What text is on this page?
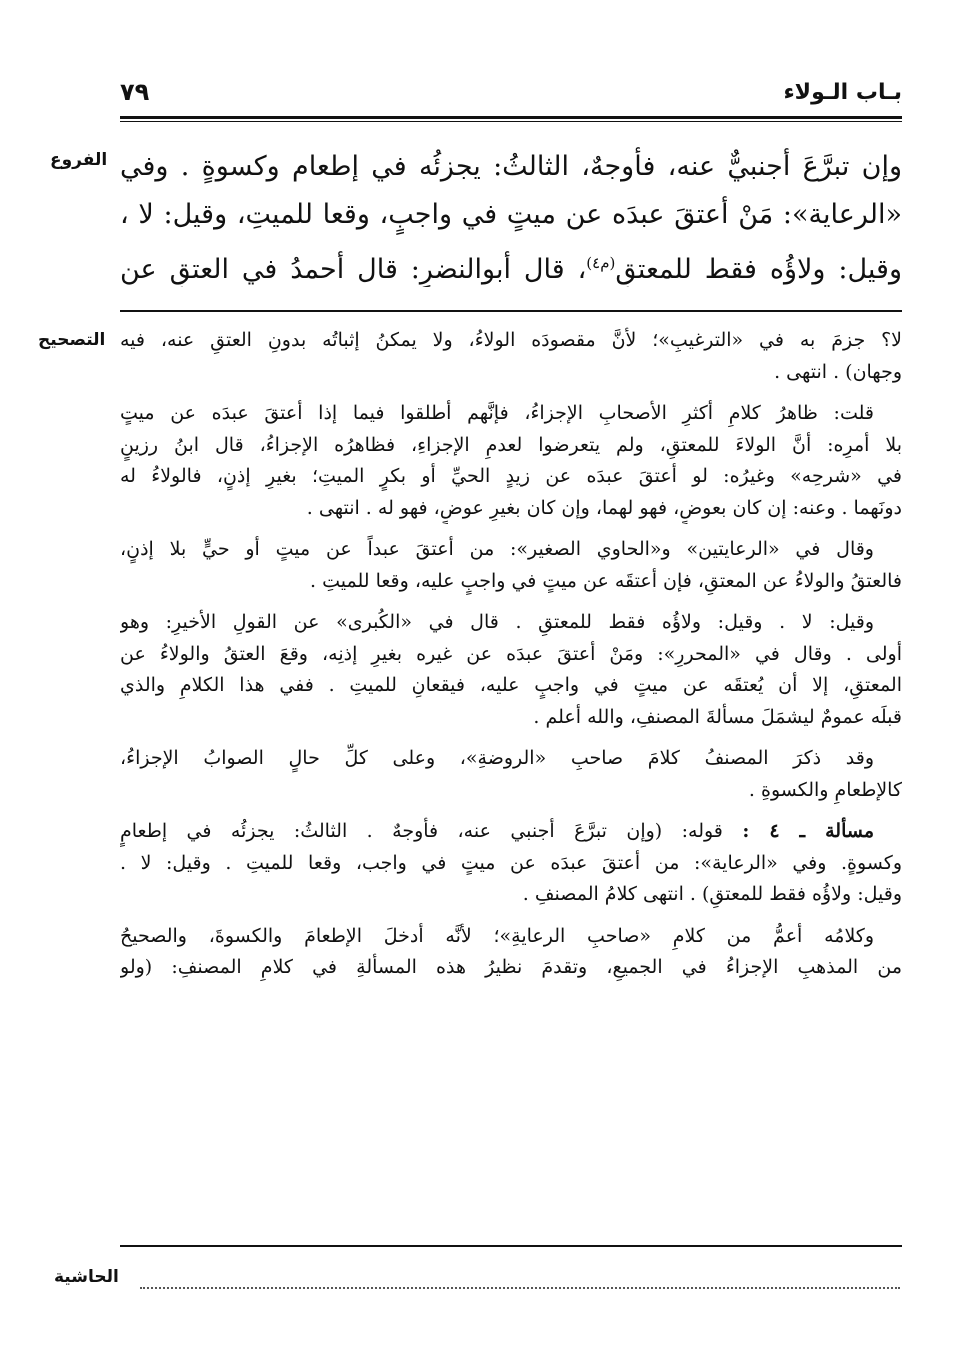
بـاب الـولاء
٧٩
الفروع
التصحيح
الحاشية
وإن تبرَّعَ أجنبيٌّ عنه، فأوجهٌ، الثالثُ: يجزئُه في إطعام وكسوةٍ . وفي
«الرعاية»: مَنْ أعتقَ عبدَه عن ميتٍ في واجبٍ، وقعا للميتِ، وقيل: لا ،
وقيل: ولاؤُه فقط للمعتقِ$^{(م٤)}$، قال أبوالنضرِ: قال أحمدُ في العتقِ عن
لا؟ جزمَ به في «الترغيبِ»؛ لأنَّ مقصودَه الولاءُ، ولا يمكنُ إثباتُه بدونِ العتقِ عنه، فيه
وجهان) . انتهى .
قلت: ظاهرُ كلامِ أكثرِ الأصحابِ الإجزاءُ، فإنَّهم أطلقوا فيما إذا أعتقَ عبدَه عن ميتٍ
بلا أمرِه: أنَّ الولاءَ للمعتقِ، ولم يتعرضوا لعدمِ الإجزاءِ، فظاهرُه الإجزاءُ، قال ابنُ رزينٍ
في «شرحِه» وغيرُه: لو أعتقَ عبدَه عن زيدٍ الحيِّ أو بكرٍ الميتِ؛ بغيرِ إذنٍ، فالولاءُ له
دونَهما . وعنه: إن كان بعوضٍ، فهو لهما، وإن كان بغيرِ عوضٍ، فهو له . انتهى .
وقال في «الرعايتين» و«الحاوي الصغير»: من أعتقَ عبداً عن ميتٍ أو حيٍّ بلا إذنٍ،
فالعتقُ والولاءُ عن المعتقِ، فإن أعتقَه عن ميتٍ في واجبٍ عليه، وقعا للميتِ .
وقيل: لا . وقيل: ولاؤُه فقط للمعتقِ . قال في «الكُبرى» عن القولِ الأخيرِ: وهو
أولى . وقال في «المحررِ»: ومَنْ أعتقَ عبدَه عن غيره بغيرِ إذنِه، وقعَ العتقُ والولاءُ عن
المعتقِ، إلا أن يُعتقَه عن ميتٍ في واجبٍ عليه، فيقعانِ للميتِ . ففي هذا الكلامِ والذي
قبلَه عمومٌ ليشمَلَ مسألةَ المصنفِ، والله أعلم .
وقد ذكرَ المصنفُ كلامَ صاحبِ «الروضةِ»، وعلى كلِّ حالٍ الصوابُ الإجزاءُ،
كالإطعامِ والكسوةِ .
مسألة ـ ٤ : قوله: (وإن تبرَّعَ أجنبي عنه، فأوجهٌ . الثالثُ: يجزئُه في إطعامٍ
وكسوةٍ. وفي «الرعاية»: من أعتقَ عبدَه عن ميتٍ في واجب، وقعا للميتِ . وقيل: لا .
وقيل: ولاؤُه فقط للمعتقِ) . انتهى كلامُ المصنفِ .
وكلامُه أعمُّ من كلامِ «صاحبِ الرعايةِ»؛ لأنَّه أدخلَ الإطعامَ والكسوةَ، والصحيحُ
من المذهبِ الإجزاءُ في الجميعِ، وتقدمَ نظيرُ هذه المسألةِ في كلامِ المصنفِ: (ولو
